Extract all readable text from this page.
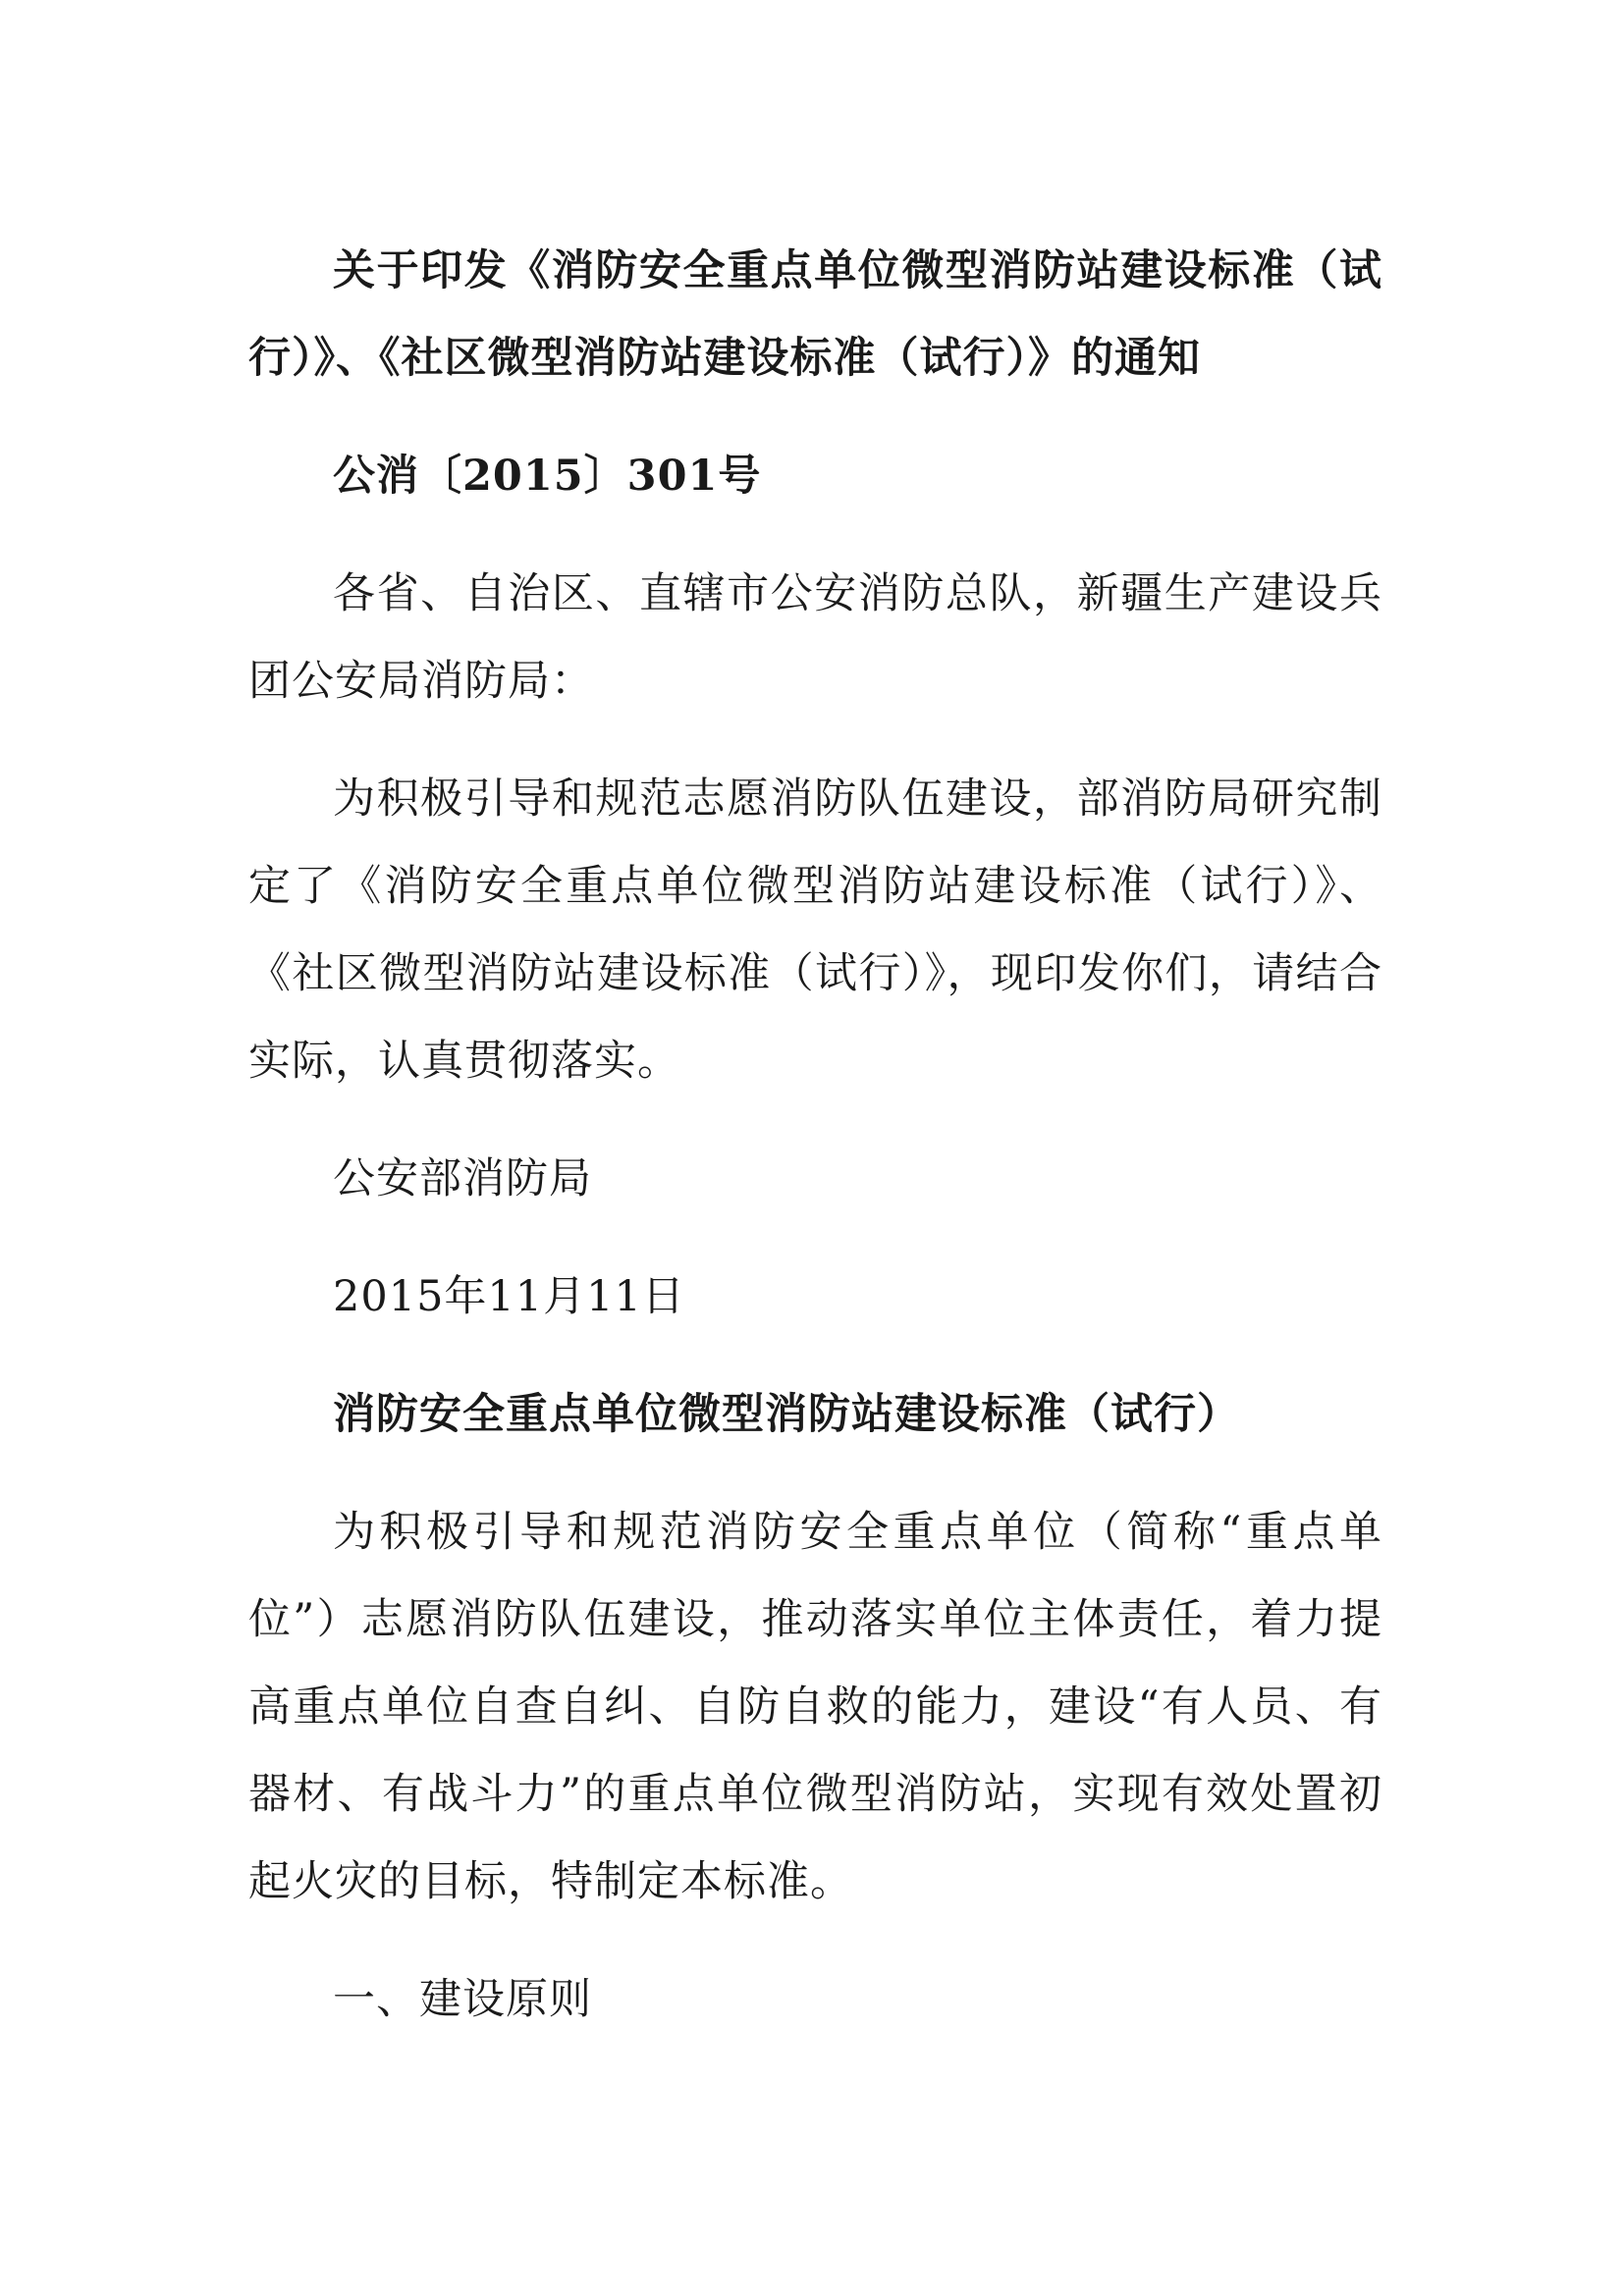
关于印发《消防安全重点单位微型消防站建设标准（试行）》、《社区微型消防站建设标准（试行）》的通知

公消〔2015〕301号

各省、自治区、直辖市公安消防总队，新疆生产建设兵团公安局消防局：

为积极引导和规范志愿消防队伍建设，部消防局研究制定了《消防安全重点单位微型消防站建设标准（试行）》、《社区微型消防站建设标准（试行）》，现印发你们，请结合实际，认真贯彻落实。

公安部消防局

2015年11月11日

消防安全重点单位微型消防站建设标准（试行）

为积极引导和规范消防安全重点单位（简称“重点单位”）志愿消防队伍建设，推动落实单位主体责任，着力提高重点单位自查自纠、自防自救的能力，建设“有人员、有器材、有战斗力”的重点单位微型消防站，实现有效处置初起火灾的目标，特制定本标准。

一、建设原则
